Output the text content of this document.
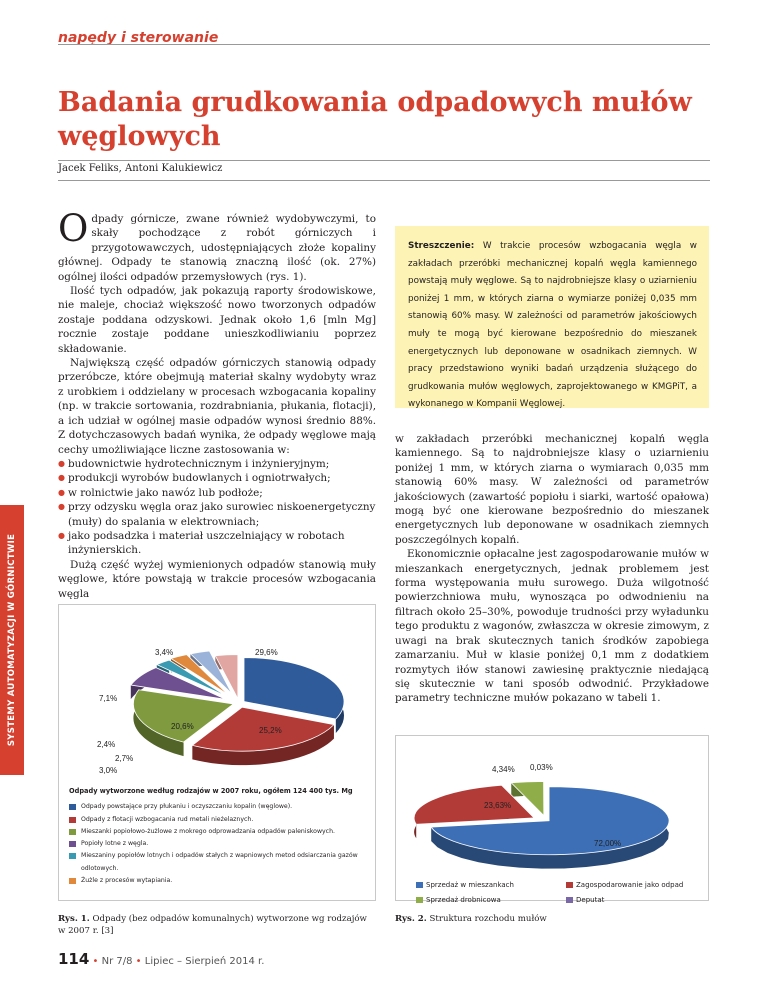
napędy i sterowanie
Badania grudkowania odpadowych mułów węglowych
Jacek Feliks, Antoni Kalukiewicz
SYSTEMY AUTOMATYZACJI W GÓRNICTWIE

Odpady górnicze, zwane również wydobywczymi, to skały pochodzące z robót górniczych i przygotowawczych, udostępniających złoże kopaliny głównej. Odpady te stanowią znaczną ilość (ok. 27%) ogólnej ilości odpadów przemysłowych (rys. 1).

Ilość tych odpadów, jak pokazują raporty środowiskowe, nie maleje, chociaż większość nowo tworzonych odpadów zostaje poddana odzyskowi. Jednak około 1,6 [mln Mg] rocznie zostaje poddane unieszkodliwianiu poprzez składowanie.

Największą część odpadów górniczych stanowią odpady przeróbcze, które obejmują materiał skalny wydobyty wraz z urobkiem i oddzielany w procesach wzbogacania kopaliny (np. w trakcie sortowania, rozdrabniania, płukania, flotacji), a ich udział w ogólnej masie odpadów wynosi średnio 88%. Z dotychczasowych badań wynika, że odpady węglowe mają cechy umożliwiające liczne zastosowania w:

● budownictwie hydrotechnicznym i inżynieryjnym;
● produkcji wyrobów budowlanych i ogniotrwałych;
● w rolnictwie jako nawóz lub podłoże;
● przy odzysku węgla oraz jako surowiec niskoenergetyczny (muły) do spalania w elektrowniach;
● jako podsadzka i materiał uszczelniający w robotach inżynierskich.

Dużą część wyżej wymienionych odpadów stanowią muły węglowe, które powstają w trakcie procesów wzbogacania węgla

Streszczenie: W trakcie procesów wzbogacania węgla w zakładach przeróbki mechanicznej kopalń węgla kamiennego powstają muły węglowe. Są to najdrobniejsze klasy o uziarnieniu poniżej 1 mm, w których ziarna o wymiarze poniżej 0,035 mm stanowią 60% masy. W zależności od parametrów jakościowych muły te mogą być kierowane bezpośrednio do mieszanek energetycznych lub deponowane w osadnikach ziemnych. W pracy przedstawiono wyniki badań urządzenia służącego do grudkowania mułów węglowych, zaprojektowanego w KMGPiT, a wykonanego w Kompanii Węglowej.

w zakładach przeróbki mechanicznej kopalń węgla kamiennego. Są to najdrobniejsze klasy o uziarnieniu poniżej 1 mm, w których ziarna o wymiarach 0,035 mm stanowią 60% masy. W zależności od parametrów jakościowych (zawartość popiołu i siarki, wartość opałowa) mogą być one kierowane bezpośrednio do mieszanek energetycznych lub deponowane w osadnikach ziemnych poszczególnych kopalń.

Ekonomicznie opłacalne jest zagospodarowanie mułów w mieszankach energetycznych, jednak problemem jest forma występowania mułu surowego. Duża wilgotność powierzchniowa mułu, wynosząca po odwodnieniu na filtrach około 25–30%, powoduje trudności przy wyładunku tego produktu z wagonów, zwłaszcza w okresie zimowym, z uwagi na brak skutecznych tanich środków zapobiega zamarzaniu. Muł w klasie poniżej 0,1 mm z dodatkiem rozmytych iłów stanowi zawiesinę praktycznie niedającą się skutecznie w tani sposób odwodnić. Przykładowe parametry techniczne mułów pokazano w tabeli 1.

29,6%
25,2%
20,6%
7,1%
2,4%
2,7%
3,0%
3,4%
Odpady wytworzone według rodzajów w 2007 roku, ogółem 124 400 tys. Mg
Odpady powstające przy płukaniu i oczyszczaniu kopalin (węglowe).
Odpady z flotacji wzbogacania rud metali nieżelaznych.
Mieszanki popiołowo-żużlowe z mokrego odprowadzania odpadów paleniskowych.
Popioły lotne z węgla.
Mieszaniny popiołów lotnych i odpadów stałych z wapniowych metod odsiarczania gazów odlotowych.
Żużle z procesów wytapiania.
Rys. 1. Odpady (bez odpadów komunalnych) wytworzone wg rodzajów w 2007 r. [3]
72,00%
23,63%
4,34% 0,03%
Sprzedaż w mieszankach	Zagospodarowanie jako odpad
Sprzedaż drobnicowa	Deputat
Rys. 2. Struktura rozchodu mułów
114 • Nr 7/8 • Lipiec – Sierpień 2014 r.
